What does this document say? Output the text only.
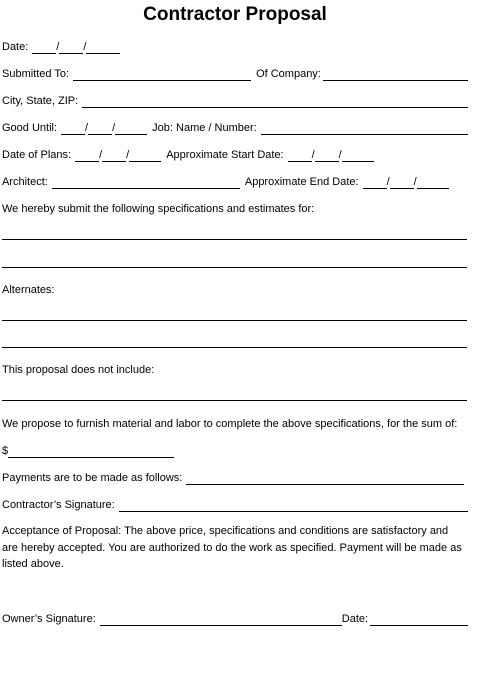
Contractor Proposal
Date:	/ /
Submitted To:	Of Company:
City, State, ZIP:
Good Until:	/ /	Job: Name / Number:
Date of Plans:	/ /	Approximate Start Date:	/ /
Architect:	Approximate End Date:	/ /
We hereby submit the following specifications and estimates for:
Alternates:
This proposal does not include:
We propose to furnish material and labor to complete the above specifications, for the sum of:
$
Payments are to be made as follows:
Contractor’s Signature:
Acceptance of Proposal: The above price, specifications and conditions are satisfactory and are hereby accepted. You are authorized to do the work as specified. Payment will be made as listed above.
Owner’s Signature:	Date:
